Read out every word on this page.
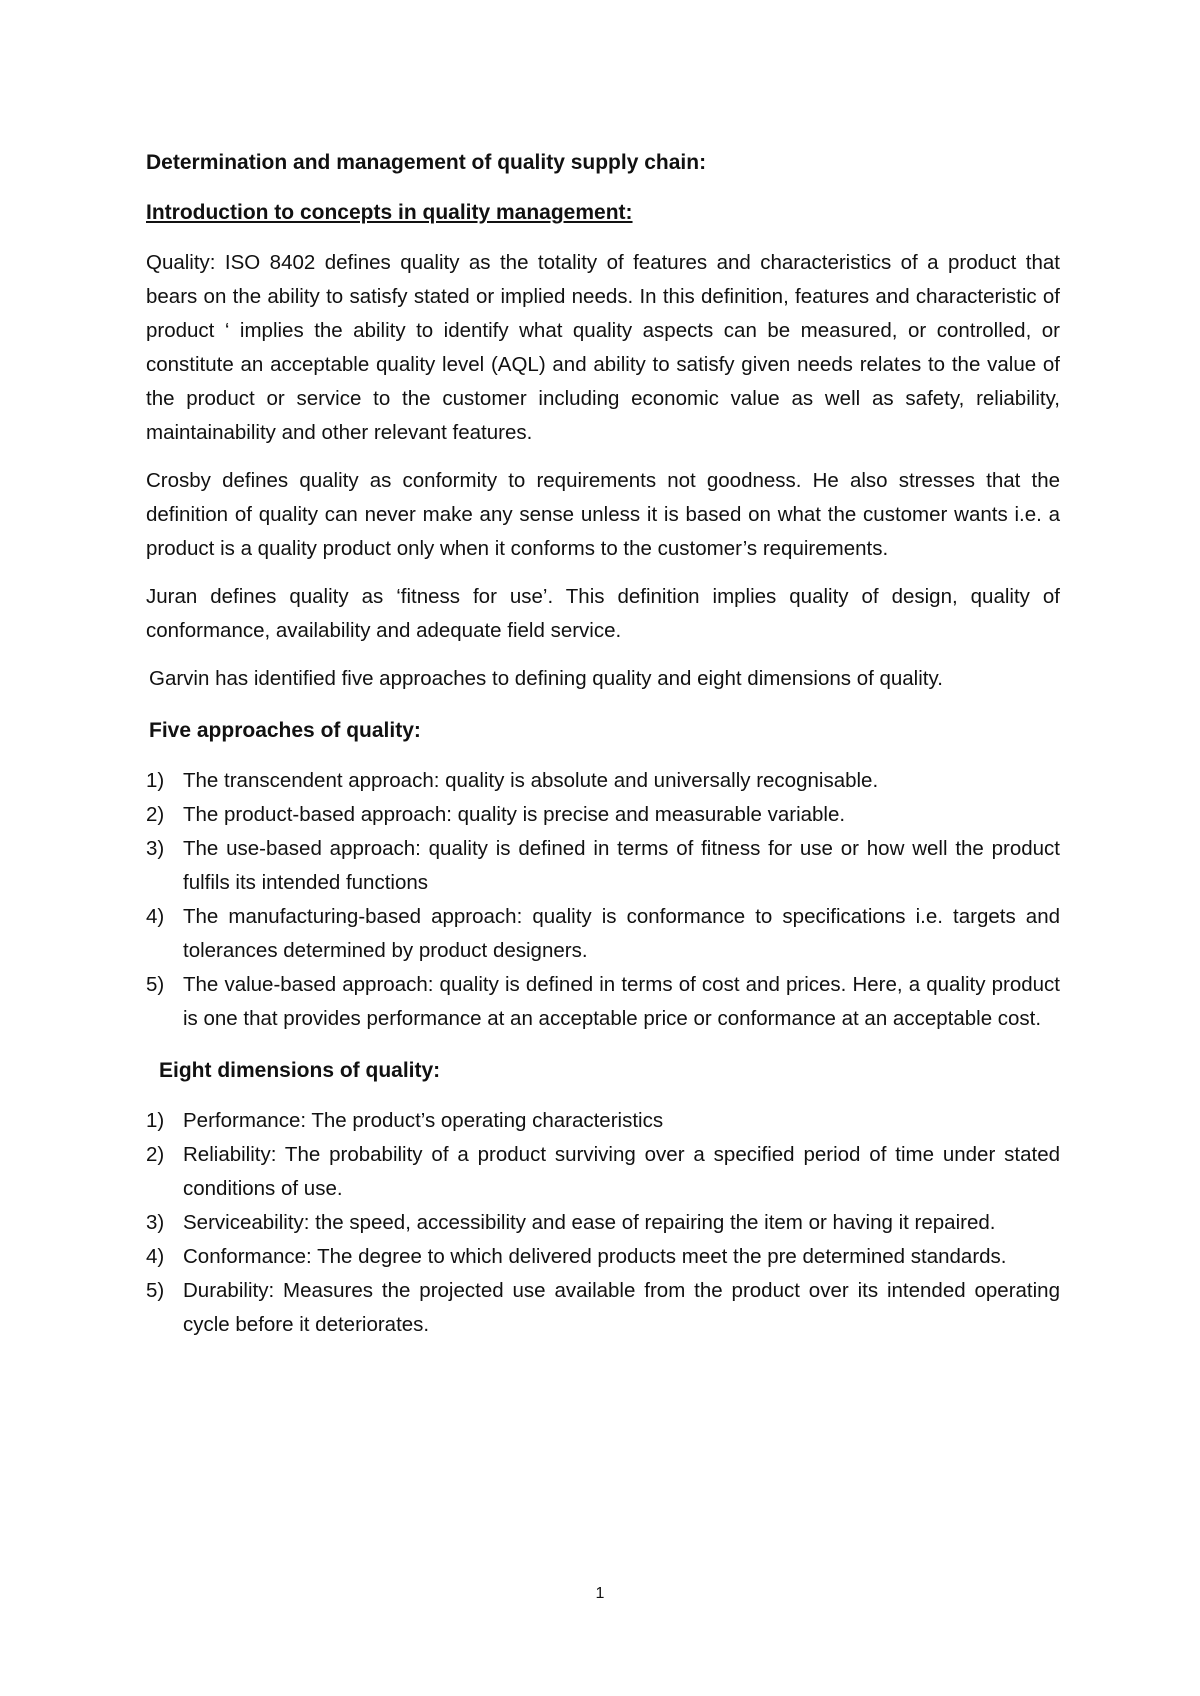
Determination and management of quality supply chain:
Introduction to concepts in quality management:

Quality: ISO 8402 defines quality as the totality of features and characteristics of a product that bears on the ability to satisfy stated or implied needs. In this definition, features and characteristic of product ‘ implies the ability to identify what quality aspects can be measured, or controlled, or constitute an acceptable quality level (AQL) and ability to satisfy given needs relates to the value of the product or service to the customer including economic value as well as safety, reliability, maintainability and other relevant features.

Crosby defines quality as conformity to requirements not goodness. He also stresses that the definition of quality can never make any sense unless it is based on what the customer wants i.e. a product is a quality product only when it conforms to the customer’s requirements.

Juran defines quality as ‘fitness for use’. This definition implies quality of design, quality of conformance, availability and adequate field service.

Garvin has identified five approaches to defining quality and eight dimensions of quality.

Five approaches of quality:
1) The transcendent approach: quality is absolute and universally recognisable.
2) The product-based approach: quality is precise and measurable variable.
3) The use-based approach: quality is defined in terms of fitness for use or how well the product fulfils its intended functions
4) The manufacturing-based approach: quality is conformance to specifications i.e. targets and tolerances determined by product designers.
5) The value-based approach: quality is defined in terms of cost and prices. Here, a quality product is one that provides performance at an acceptable price or conformance at an acceptable cost.
Eight dimensions of quality:
1) Performance: The product’s operating characteristics
2) Reliability: The probability of a product surviving over a specified period of time under stated conditions of use.
3) Serviceability: the speed, accessibility and ease of repairing the item or having it repaired.
4) Conformance: The degree to which delivered products meet the pre determined standards.
5) Durability: Measures the projected use available from the product over its intended operating cycle before it deteriorates.
1
